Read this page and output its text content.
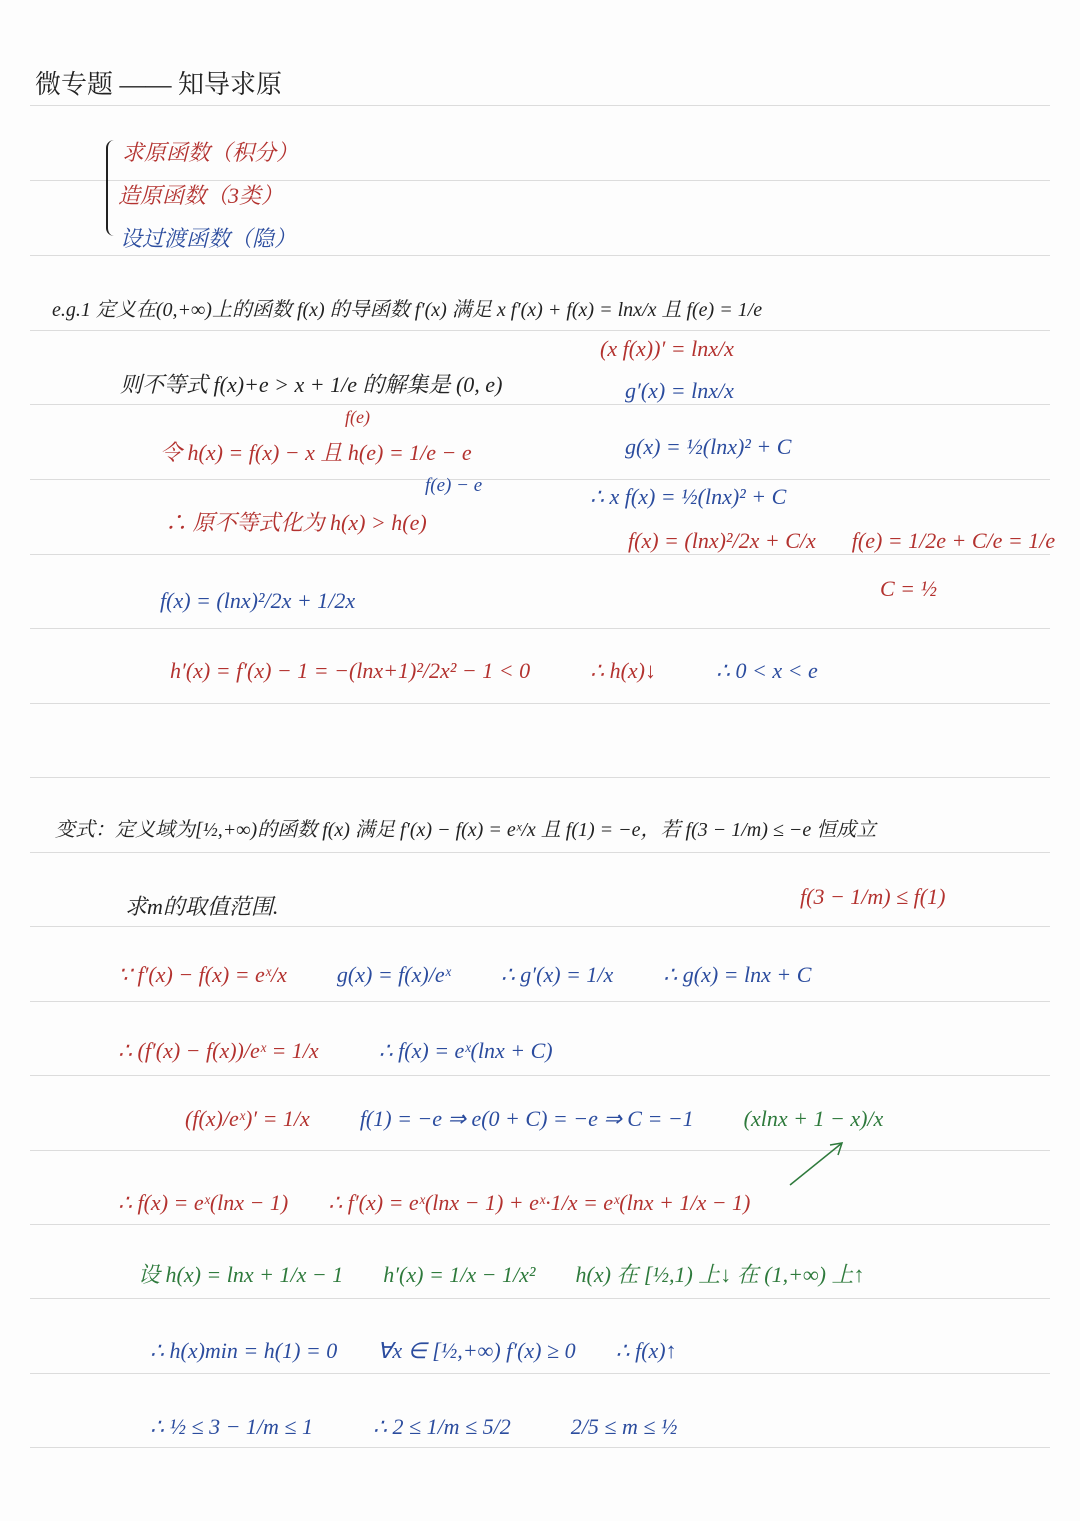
微专题 —— 知导求原
求原函数（积分）
造原函数（3类）
设过渡函数（隐）
e.g.1 定义在(0,+∞)上的函数 f(x) 的导函数 f′(x) 满足 x f′(x) + f(x) = lnx/x 且 f(e) = 1/e
(x f(x))′ = lnx/x
则不等式 f(x)+e > x + 1/e 的解集是 (0, e)
f(e)
g′(x) = lnx/x
令 h(x) = f(x) − x 且 h(e) = 1/e − e	g(x) = ½(lnx)² + C
f(e) − e	∴ x f(x) = ½(lnx)² + C
∴ 原不等式化为 h(x) > h(e)
f(x) = (lnx)²/2x + C/x f(e) = 1/2e + C/e = 1/e
C = ½
f(x) = (lnx)²/2x + 1/2x
h′(x) = f′(x) − 1 = −(lnx+1)²/2x² − 1 < 0	∴ h(x)↓	∴ 0 < x < e
变式：定义域为[½,+∞)的函数 f(x) 满足 f′(x) − f(x) = eˣ/x 且 f(1) = −e，若 f(3 − 1/m) ≤ −e 恒成立
求m的取值范围.	f(3 − 1/m) ≤ f(1)
∵ f′(x) − f(x) = eˣ/x g(x) = f(x)/eˣ ∴ g′(x) = 1/x ∴ g(x) = lnx + C
∴ (f′(x) − f(x))/eˣ = 1/x	∴ f(x) = eˣ(lnx + C)
(f(x)/eˣ)′ = 1/x f(1) = −e ⇒ e(0 + C) = −e ⇒ C = −1 (xlnx + 1 − x)/x
∴ f(x) = eˣ(lnx − 1) ∴ f′(x) = eˣ(lnx − 1) + eˣ·1/x = eˣ(lnx + 1/x − 1)
设 h(x) = lnx + 1/x − 1 h′(x) = 1/x − 1/x² h(x) 在 [½,1) 上↓ 在 (1,+∞) 上↑
∴ h(x)min = h(1) = 0 ∀x ∈ [½,+∞) f′(x) ≥ 0 ∴ f(x)↑
∴ ½ ≤ 3 − 1/m ≤ 1	∴ 2 ≤ 1/m ≤ 5/2	2/5 ≤ m ≤ ½
